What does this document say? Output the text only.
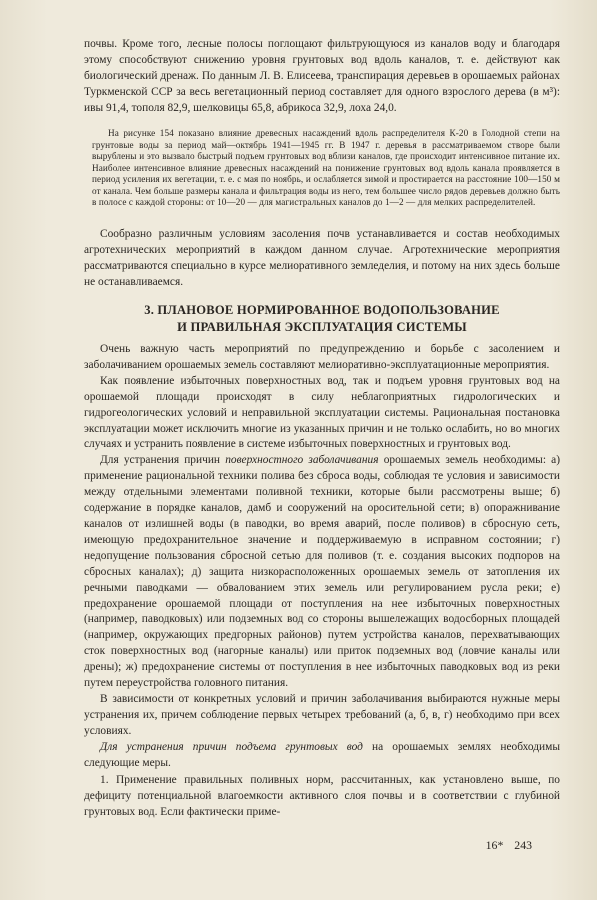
почвы. Кроме того, лесные полосы поглощают фильтрующуюся из каналов воду и благодаря этому способствуют снижению уровня грунтовых вод вдоль каналов, т. е. действуют как биологический дренаж. По данным Л. В. Елисеева, транспирация деревьев в орошаемых районах Туркменской ССР за весь вегетационный период составляет для одного взрослого дерева (в м³): ивы 91,4, тополя 82,9, шелковицы 65,8, абрикоса 32,9, лоха 24,0.

На рисунке 154 показано влияние древесных насаждений вдоль распределителя К-20 в Голодной степи на грунтовые воды за период май—октябрь 1941—1945 гг. В 1947 г. деревья в рассматриваемом створе были вырублены и это вызвало быстрый подъем грунтовых вод вблизи каналов, где происходит интенсивное питание их. Наиболее интенсивное влияние древесных насаждений на понижение грунтовых вод вдоль канала проявляется в период усиления их вегетации, т. е. с мая по ноябрь, и ослабляется зимой и простирается на расстояние 100—150 м от канала. Чем больше размеры канала и фильтрация воды из него, тем большее число рядов деревьев должно быть в полосе с каждой стороны: от 10—20 — для магистральных каналов до 1—2 — для мелких распределителей.

Сообразно различным условиям засоления почв устанавливается и состав необходимых агротехнических мероприятий в каждом данном случае. Агротехнические мероприятия рассматриваются специально в курсе мелиоративного земледелия, и потому на них здесь больше не останавливаемся.

3. ПЛАНОВОЕ НОРМИРОВАННОЕ ВОДОПОЛЬЗОВАНИЕ
И ПРАВИЛЬНАЯ ЭКСПЛУАТАЦИЯ СИСТЕМЫ

Очень важную часть мероприятий по предупреждению и борьбе с засолением и заболачиванием орошаемых земель составляют мелиоративно-эксплуатационные мероприятия.

Как появление избыточных поверхностных вод, так и подъем уровня грунтовых вод на орошаемой площади происходят в силу неблагоприятных гидрологических и гидрогеологических условий и неправильной эксплуатации системы. Рациональная постановка эксплуатации может исключить многие из указанных причин и не только ослабить, но во многих случаях и устранить появление в системе избыточных поверхностных и грунтовых вод.

Для устранения причин поверхностного заболачивания орошаемых земель необходимы: а) применение рациональной техники полива без сброса воды, соблюдая те условия и зависимости между отдельными элементами поливной техники, которые были рассмотрены выше; б) содержание в порядке каналов, дамб и сооружений на оросительной сети; в) опоражнивание каналов от излишней воды (в паводки, во время аварий, после поливов) в сбросную сеть, имеющую предохранительное значение и поддерживаемую в исправном состоянии; г) недопущение пользования сбросной сетью для поливов (т. е. создания высоких подпоров на сбросных каналах); д) защита низкорасположенных орошаемых земель от затопления их речными паводками — обвалованием этих земель или регулированием русла реки; е) предохранение орошаемой площади от поступления на нее избыточных поверхностных (например, паводковых) или подземных вод со стороны вышележащих водосборных площадей (например, окружающих предгорных районов) путем устройства каналов, перехватывающих сток поверхностных вод (нагорные каналы) или приток подземных вод (ловчие каналы или дрены); ж) предохранение системы от поступления в нее избыточных паводковых вод из реки путем переустройства головного питания.

В зависимости от конкретных условий и причин заболачивания выбираются нужные меры устранения их, причем соблюдение первых четырех требований (а, б, в, г) необходимо при всех условиях.

Для устранения причин подъема грунтовых вод на орошаемых землях необходимы следующие меры.

1. Применение правильных поливных норм, рассчитанных, как установлено выше, по дефициту потенциальной влагоемкости активного слоя почвы и в соответствии с глубиной грунтовых вод. Если фактически приме-

16* 243
